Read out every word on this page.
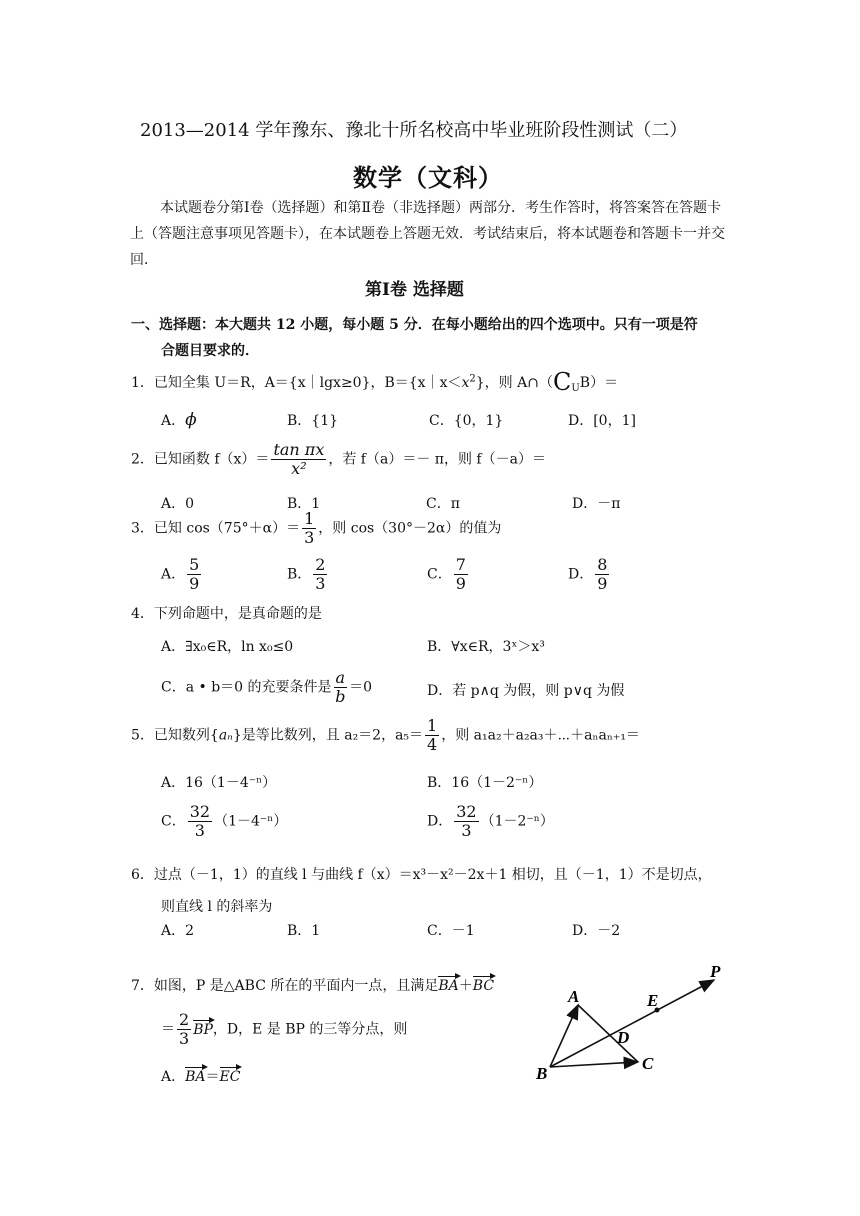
2013—2014 学年豫东、豫北十所名校高中毕业班阶段性测试（二）
数学（文科）
本试题卷分第Ⅰ卷（选择题）和第Ⅱ卷（非选择题）两部分．考生作答时，将答案答在答题卡上（答题注意事项见答题卡），在本试题卷上答题无效．考试结束后，将本试题卷和答题卡一并交回．
第Ⅰ卷 选择题
一、选择题：本大题共 12 小题，每小题 5 分．在每小题给出的四个选项中。只有一项是符
合题目要求的．
1．已知全集 U＝R，A＝{x｜lgx≥0}，$B=\{x|x<x^2\}$，则 $A\cap(C_UB)=$
A．ϕ	B．{1}	C．{0，1}	D．[0，1]
2．已知函数 $f(x)= \frac{\text{tan πx}}{\text{x²}}$ ，若 f（a）＝－ π，则 f（－a）＝
A．0	B．1	C．π	D．－π
3．已知 $\cos(75^\circ+\alpha)= \frac{1}{3}$ ，则 cos（30°－2α）的值为
A． $\frac{5}{9}$	B． $\frac{2}{3}$	C． $\frac{7}{9}$	D． $\frac{8}{9}$
4．下列命题中，是真命题的是
A．∃x₀∈R，ln x₀≤0	B．∀x∈R，3ˣ＞x³
C．a • b＝0 的充要条件是 $\frac{a}{b} =0$	D．若 p∧q 为假，则 p∨q 为假
5．已知数列{aₙ}是等比数列，且 a₂＝2，$a_5= \frac{1}{4}$ ，则 a₁a₂＋a₂a₃＋⋯＋aₙaₙ₊₁＝
A．16（1－4⁻ⁿ）	B．16（1－2⁻ⁿ）
C． $\frac{32}{3} (1-4^{-n})$	D． $\frac{32}{3} (1-2^{-n})$
6．过点（－1，1）的直线 l 与曲线 f（x）＝x³－x²－2x＋1 相切，且（－1，1）不是切点，
则直线 l 的斜率为
A．2	B．1	C．－1	D．－2
7．如图，P 是△ABC 所在的平面内一点，且满足BA＋BC
＝ $\frac{2}{3}$ BP，D，E 是 BP 的三等分点，则
A．BA＝EC
P
A	E
D
B
C
